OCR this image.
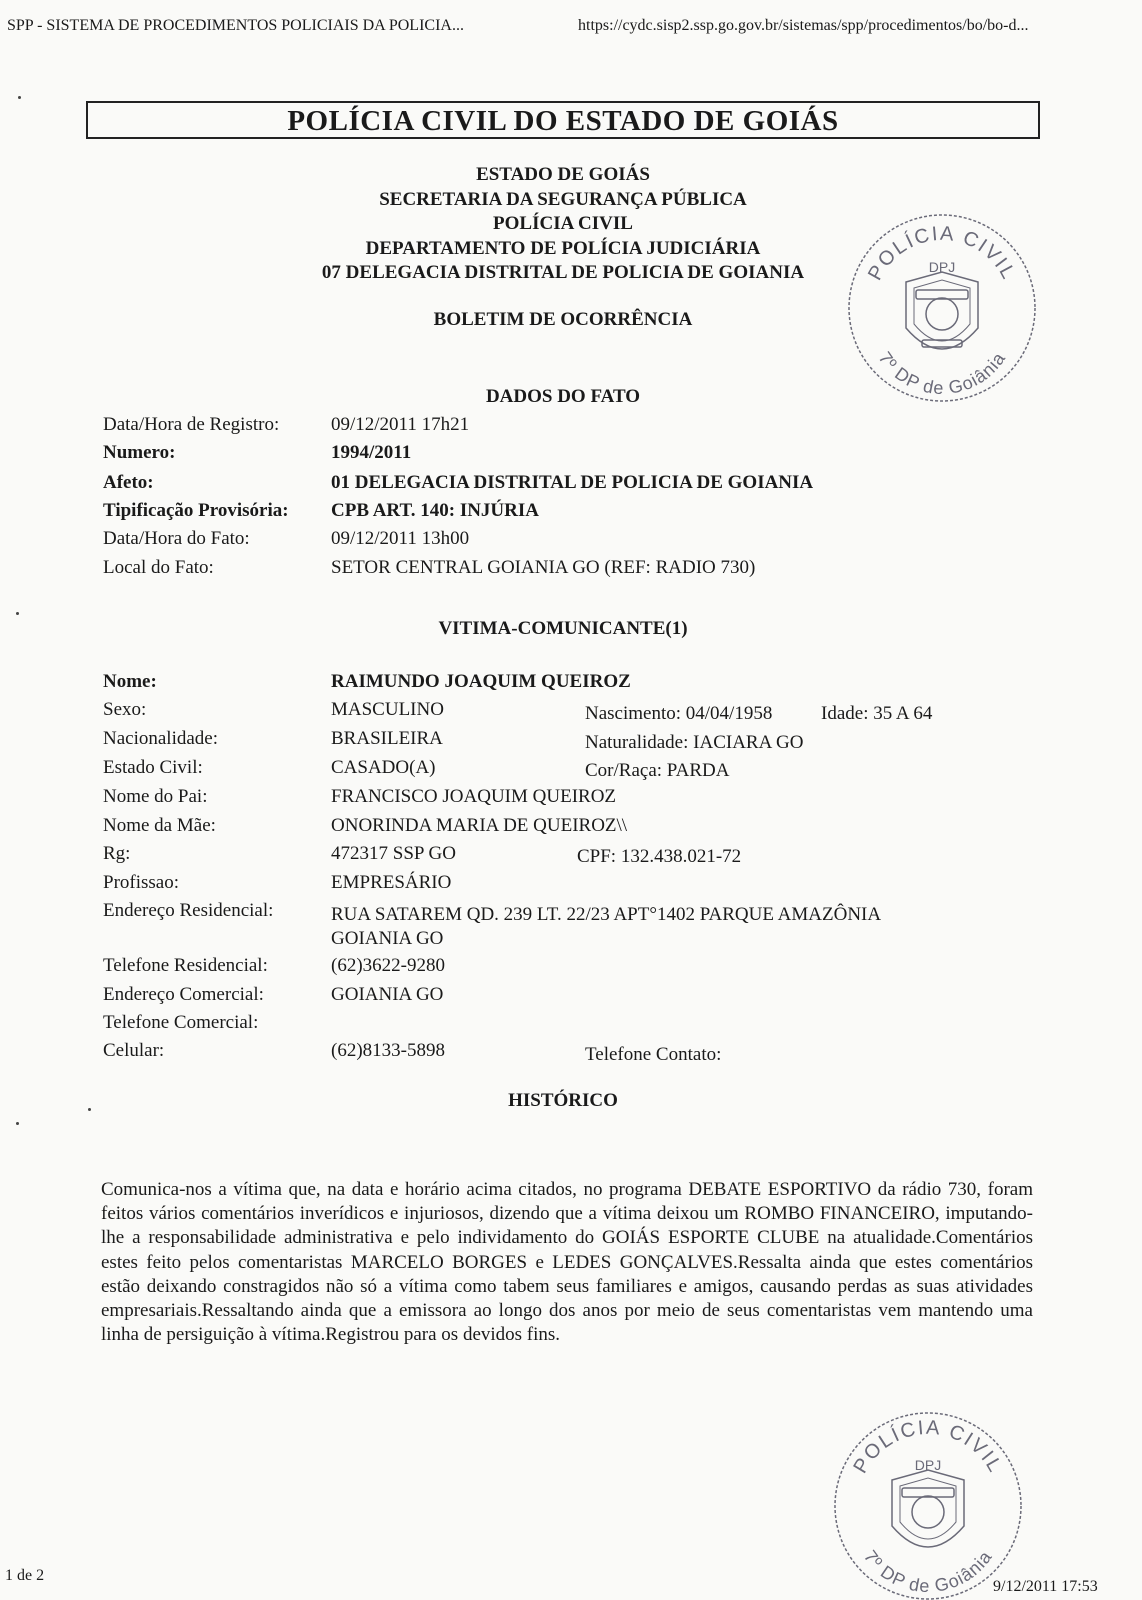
SPP - SISTEMA DE PROCEDIMENTOS POLICIAIS DA POLICIA...	https://cydc.sisp2.ssp.go.gov.br/sistemas/spp/procedimentos/bo/bo-d...
POLÍCIA CIVIL DO ESTADO DE GOIÁS
ESTADO DE GOIÁS
SECRETARIA DA SEGURANÇA PÚBLICA
POLÍCIA CIVIL
DEPARTAMENTO DE POLÍCIA JUDICIÁRIA
07 DELEGACIA DISTRITAL DE POLICIA DE GOIANIA
BOLETIM DE OCORRÊNCIA
POLÍCIA CIVIL
DPJ
7º DP de Goiânia
DADOS DO FATO
Data/Hora de Registro:	09/12/2011 17h21
Numero:	1994/2011
Afeto:	01 DELEGACIA DISTRITAL DE POLICIA DE GOIANIA
Tipificação Provisória: CPB ART. 140: INJÚRIA
Data/Hora do Fato:	09/12/2011 13h00
Local do Fato:	SETOR CENTRAL GOIANIA GO (REF: RADIO 730)
VITIMA-COMUNICANTE(1)
Nome:	RAIMUNDO JOAQUIM QUEIROZ
Sexo:	MASCULINO	Nascimento: 04/04/1958	Idade: 35 A 64
Nacionalidade:	BRASILEIRA	Naturalidade: IACIARA GO
Estado Civil:	CASADO(A)	Cor/Raça: PARDA
Nome do Pai:	FRANCISCO JOAQUIM QUEIROZ
Nome da Mãe:	ONORINDA MARIA DE QUEIROZ\\
Rg:	472317 SSP GO	CPF: 132.438.021-72
Profissao:	EMPRESÁRIO
Endereço Residencial:	RUA SATAREM QD. 239 LT. 22/23 APT°1402 PARQUE AMAZÔNIA
GOIANIA GO
Telefone Residencial:	(62)3622-9280
Endereço Comercial:	GOIANIA GO
Telefone Comercial:
Celular:	(62)8133-5898	Telefone Contato:
HISTÓRICO
Comunica-nos a vítima que, na data e horário acima citados, no programa DEBATE ESPORTIVO da rádio 730, foram feitos vários comentários inverídicos e injuriosos, dizendo que a vítima deixou um ROMBO FINANCEIRO, imputando-lhe a responsabilidade administrativa e pelo individamento do GOIÁS ESPORTE CLUBE na atualidade.Comentários estes feito pelos comentaristas MARCELO BORGES e LEDES GONÇALVES.Ressalta ainda que estes comentários estão deixando constragidos não só a vítima como tabem seus familiares e amigos, causando perdas as suas atividades empresariais.Ressaltando ainda que a emissora ao longo dos anos por meio de seus comentaristas vem mantendo uma linha de persiguição à vítima.Registrou para os devidos fins.
POLÍCIA CIVIL
DPJ
7º DP de Goiânia
1 de 2
9/12/2011 17:53
